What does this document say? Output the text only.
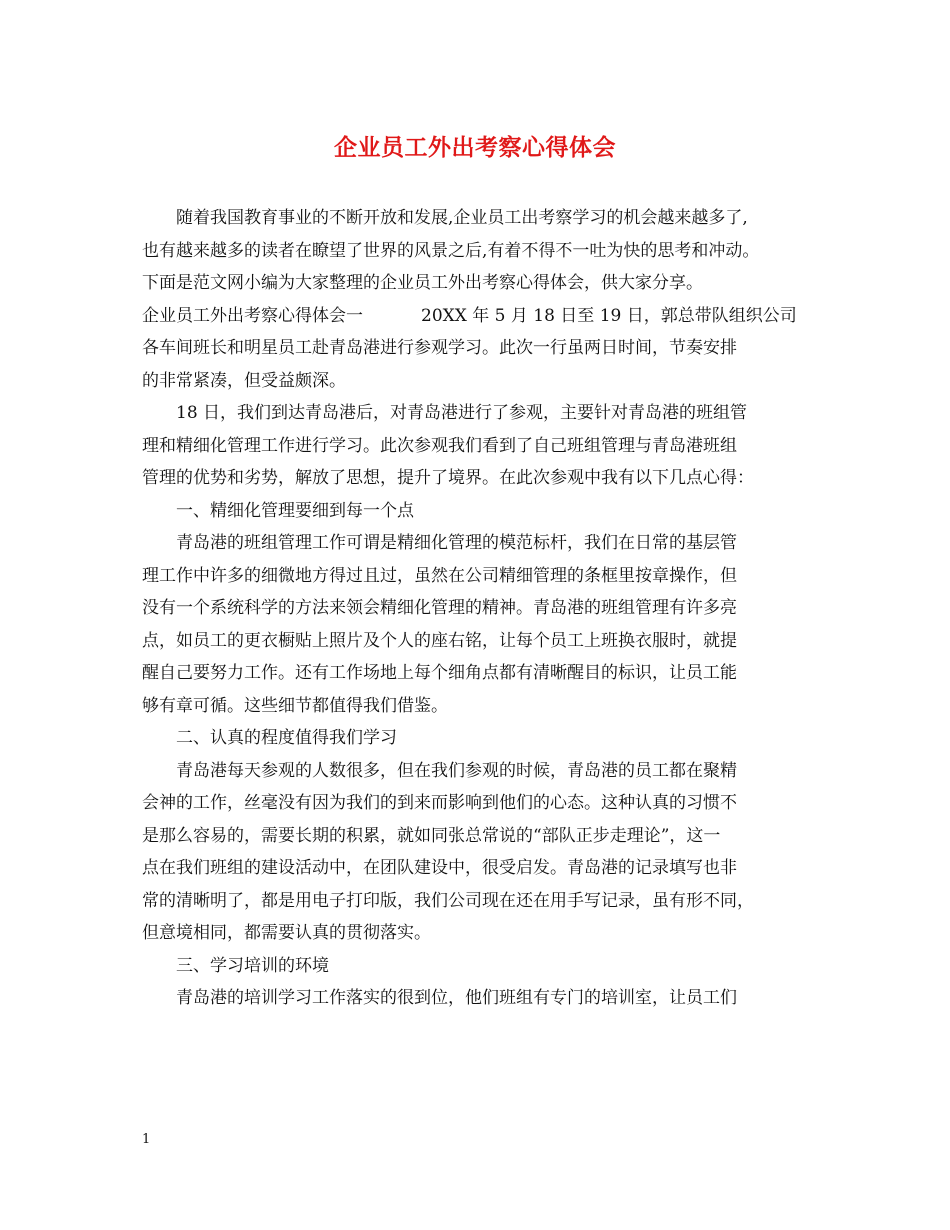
企业员工外出考察心得体会
随着我国教育事业的不断开放和发展,企业员工出考察学习的机会越来越多了,
也有越来越多的读者在瞭望了世界的风景之后,有着不得不一吐为快的思考和冲动。
下面是范文网小编为大家整理的企业员工外出考察心得体会，供大家分享。
企业员工外出考察心得体会一	20XX 年 5 月 18 日至 19 日，郭总带队组织公司
各车间班长和明星员工赴青岛港进行参观学习。此次一行虽两日时间，节奏安排
的非常紧凑，但受益颇深。
18 日，我们到达青岛港后，对青岛港进行了参观，主要针对青岛港的班组管
理和精细化管理工作进行学习。此次参观我们看到了自己班组管理与青岛港班组
管理的优势和劣势，解放了思想，提升了境界。在此次参观中我有以下几点心得：
一、精细化管理要细到每一个点
青岛港的班组管理工作可谓是精细化管理的模范标杆，我们在日常的基层管
理工作中许多的细微地方得过且过，虽然在公司精细管理的条框里按章操作，但
没有一个系统科学的方法来领会精细化管理的精神。青岛港的班组管理有许多亮
点，如员工的更衣橱贴上照片及个人的座右铭，让每个员工上班换衣服时，就提
醒自己要努力工作。还有工作场地上每个细角点都有清晰醒目的标识，让员工能
够有章可循。这些细节都值得我们借鉴。
二、认真的程度值得我们学习
青岛港每天参观的人数很多，但在我们参观的时候，青岛港的员工都在聚精
会神的工作，丝毫没有因为我们的到来而影响到他们的心态。这种认真的习惯不
是那么容易的，需要长期的积累，就如同张总常说的“部队正步走理论”，这一
点在我们班组的建设活动中，在团队建设中，很受启发。青岛港的记录填写也非
常的清晰明了，都是用电子打印版，我们公司现在还在用手写记录，虽有形不同，
但意境相同，都需要认真的贯彻落实。
三、学习培训的环境
青岛港的培训学习工作落实的很到位，他们班组有专门的培训室，让员工们
1
